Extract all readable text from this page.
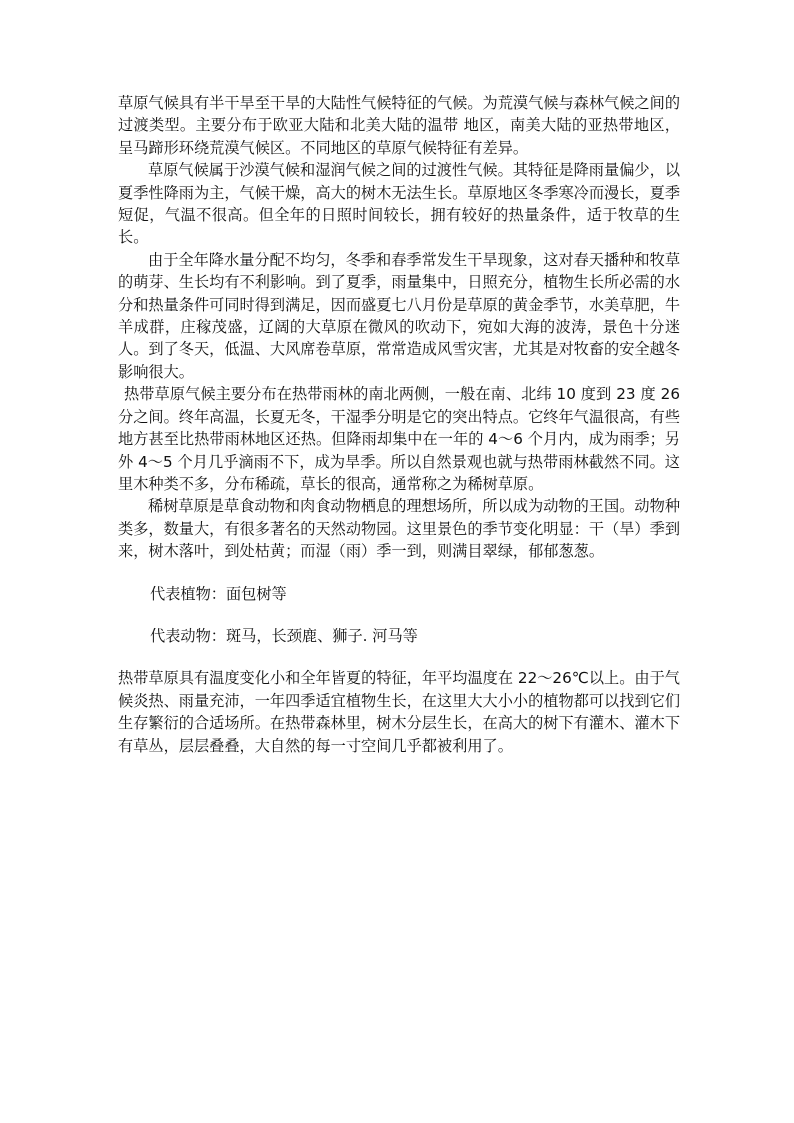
草原气候具有半干旱至干旱的大陆性气候特征的气候。为荒漠气候与森林气候之间的过渡类型。主要分布于欧亚大陆和北美大陆的温带 地区，南美大陆的亚热带地区，呈马蹄形环绕荒漠气候区。不同地区的草原气候特征有差异。

草原气候属于沙漠气候和湿润气候之间的过渡性气候。其特征是降雨量偏少，以夏季性降雨为主，气候干燥，高大的树木无法生长。草原地区冬季寒冷而漫长，夏季短促，气温不很高。但全年的日照时间较长，拥有较好的热量条件，适于牧草的生长。

由于全年降水量分配不均匀，冬季和春季常发生干旱现象，这对春天播种和牧草的萌芽、生长均有不利影响。到了夏季，雨量集中，日照充分，植物生长所必需的水分和热量条件可同时得到满足，因而盛夏七八月份是草原的黄金季节，水美草肥，牛羊成群，庄稼茂盛，辽阔的大草原在微风的吹动下，宛如大海的波涛，景色十分迷人。到了冬天，低温、大风席卷草原，常常造成风雪灾害，尤其是对牧畜的安全越冬影响很大。

热带草原气候主要分布在热带雨林的南北两侧，一般在南、北纬 10 度到 23 度 26 分之间。终年高温，长夏无冬，干湿季分明是它的突出特点。它终年气温很高，有些地方甚至比热带雨林地区还热。但降雨却集中在一年的 4～6 个月内，成为雨季；另外 4～5 个月几乎滴雨不下，成为旱季。所以自然景观也就与热带雨林截然不同。这里木种类不多，分布稀疏，草长的很高，通常称之为稀树草原。

稀树草原是草食动物和肉食动物栖息的理想场所，所以成为动物的王国。动物种类多，数量大，有很多著名的天然动物园。这里景色的季节变化明显：干（旱）季到来，树木落叶，到处枯黄；而湿（雨）季一到，则满目翠绿，郁郁葱葱。

代表植物：面包树等

代表动物：斑马，长颈鹿、狮子. 河马等

热带草原具有温度变化小和全年皆夏的特征，年平均温度在 22～26℃以上。由于气候炎热、雨量充沛，一年四季适宜植物生长，在这里大大小小的植物都可以找到它们生存繁衍的合适场所。在热带森林里，树木分层生长，在高大的树下有灌木、灌木下有草丛，层层叠叠，大自然的每一寸空间几乎都被利用了。
